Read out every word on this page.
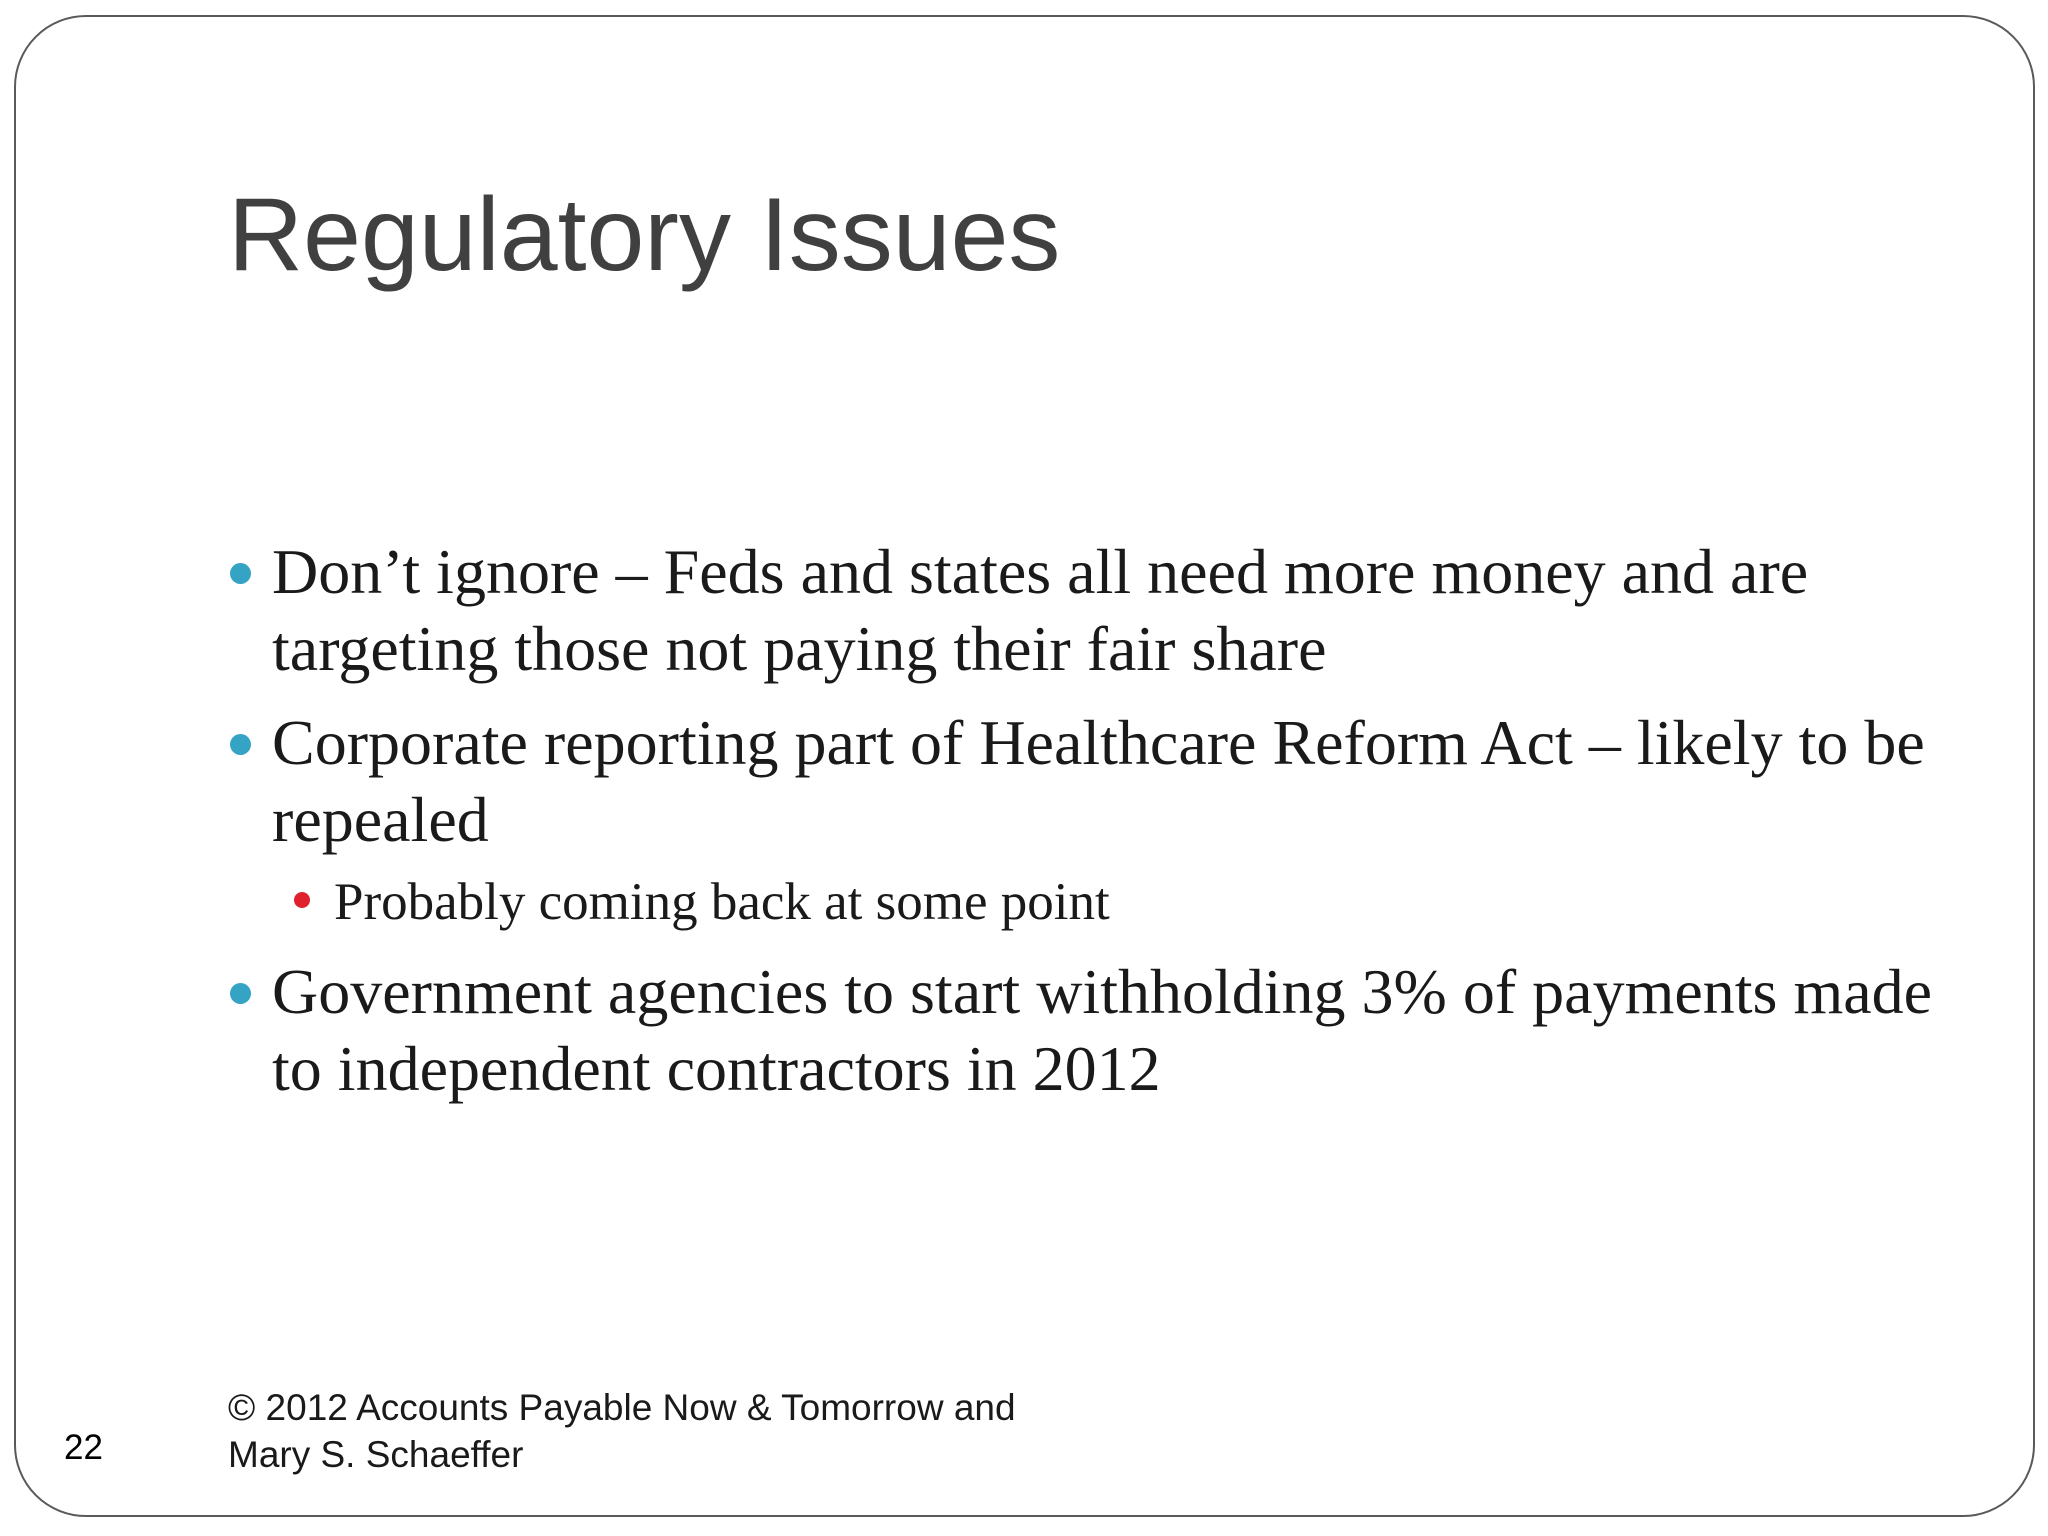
Regulatory Issues
Don’t ignore – Feds and states all need more money and are targeting those not paying their fair share
Corporate reporting part of Healthcare Reform Act – likely to be repealed
Probably coming back at some point
Government agencies to start withholding 3% of payments made to independent contractors in 2012
22
© 2012 Accounts Payable Now & Tomorrow and
Mary S. Schaeffer
